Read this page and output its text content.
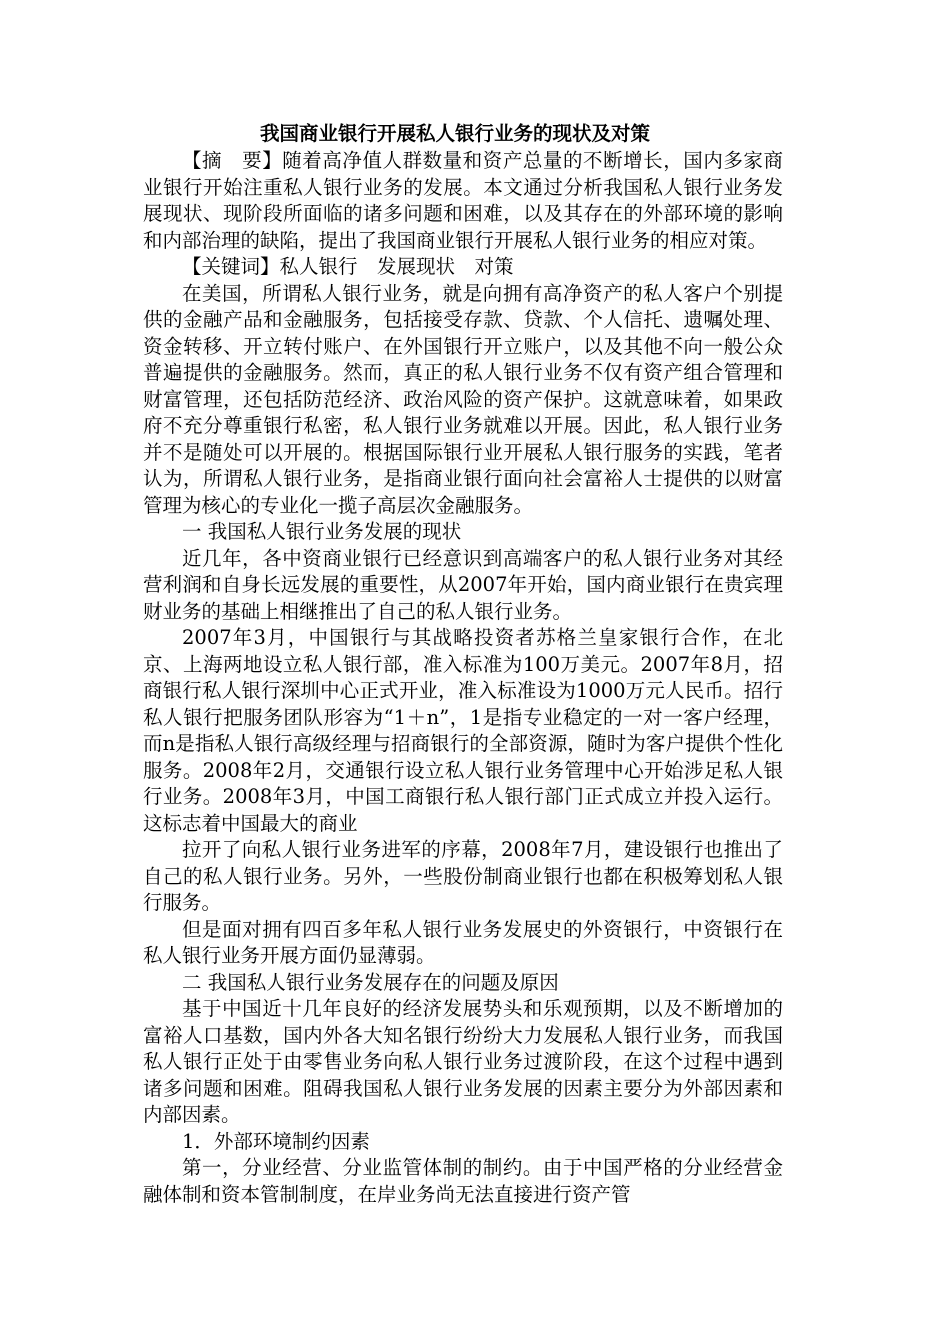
我国商业银行开展私人银行业务的现状及对策

【摘　要】随着高净值人群数量和资产总量的不断增长，国内多家商业银行开始注重私人银行业务的发展。本文通过分析我国私人银行业务发展现状、现阶段所面临的诸多问题和困难，以及其存在的外部环境的影响和内部治理的缺陷，提出了我国商业银行开展私人银行业务的相应对策。

【关键词】私人银行　发展现状　对策

在美国，所谓私人银行业务，就是向拥有高净资产的私人客户个别提供的金融产品和金融服务，包括接受存款、贷款、个人信托、遗嘱处理、资金转移、开立转付账户、在外国银行开立账户，以及其他不向一般公众普遍提供的金融服务。然而，真正的私人银行业务不仅有资产组合管理和财富管理，还包括防范经济、政治风险的资产保护。这就意味着，如果政府不充分尊重银行私密，私人银行业务就难以开展。因此，私人银行业务并不是随处可以开展的。根据国际银行业开展私人银行服务的实践，笔者认为，所谓私人银行业务，是指商业银行面向社会富裕人士提供的以财富管理为核心的专业化一揽子高层次金融服务。

一 我国私人银行业务发展的现状

近几年，各中资商业银行已经意识到高端客户的私人银行业务对其经营利润和自身长远发展的重要性，从2007年开始，国内商业银行在贵宾理财业务的基础上相继推出了自己的私人银行业务。

2007年3月，中国银行与其战略投资者苏格兰皇家银行合作，在北京、上海两地设立私人银行部，准入标准为100万美元。2007年8月，招商银行私人银行深圳中心正式开业，准入标准设为1000万元人民币。招行私人银行把服务团队形容为“1＋n”，1是指专业稳定的一对一客户经理，而n是指私人银行高级经理与招商银行的全部资源，随时为客户提供个性化服务。2008年2月，交通银行设立私人银行业务管理中心开始涉足私人银行业务。2008年3月，中国工商银行私人银行部门正式成立并投入运行。这标志着中国最大的商业

拉开了向私人银行业务进军的序幕，2008年7月，建设银行也推出了自己的私人银行业务。另外，一些股份制商业银行也都在积极筹划私人银行服务。

但是面对拥有四百多年私人银行业务发展史的外资银行，中资银行在私人银行业务开展方面仍显薄弱。

二 我国私人银行业务发展存在的问题及原因

基于中国近十几年良好的经济发展势头和乐观预期，以及不断增加的富裕人口基数，国内外各大知名银行纷纷大力发展私人银行业务，而我国私人银行正处于由零售业务向私人银行业务过渡阶段，在这个过程中遇到诸多问题和困难。阻碍我国私人银行业务发展的因素主要分为外部因素和内部因素。

1．外部环境制约因素

第一，分业经营、分业监管体制的制约。由于中国严格的分业经营金融体制和资本管制制度，在岸业务尚无法直接进行资产管
